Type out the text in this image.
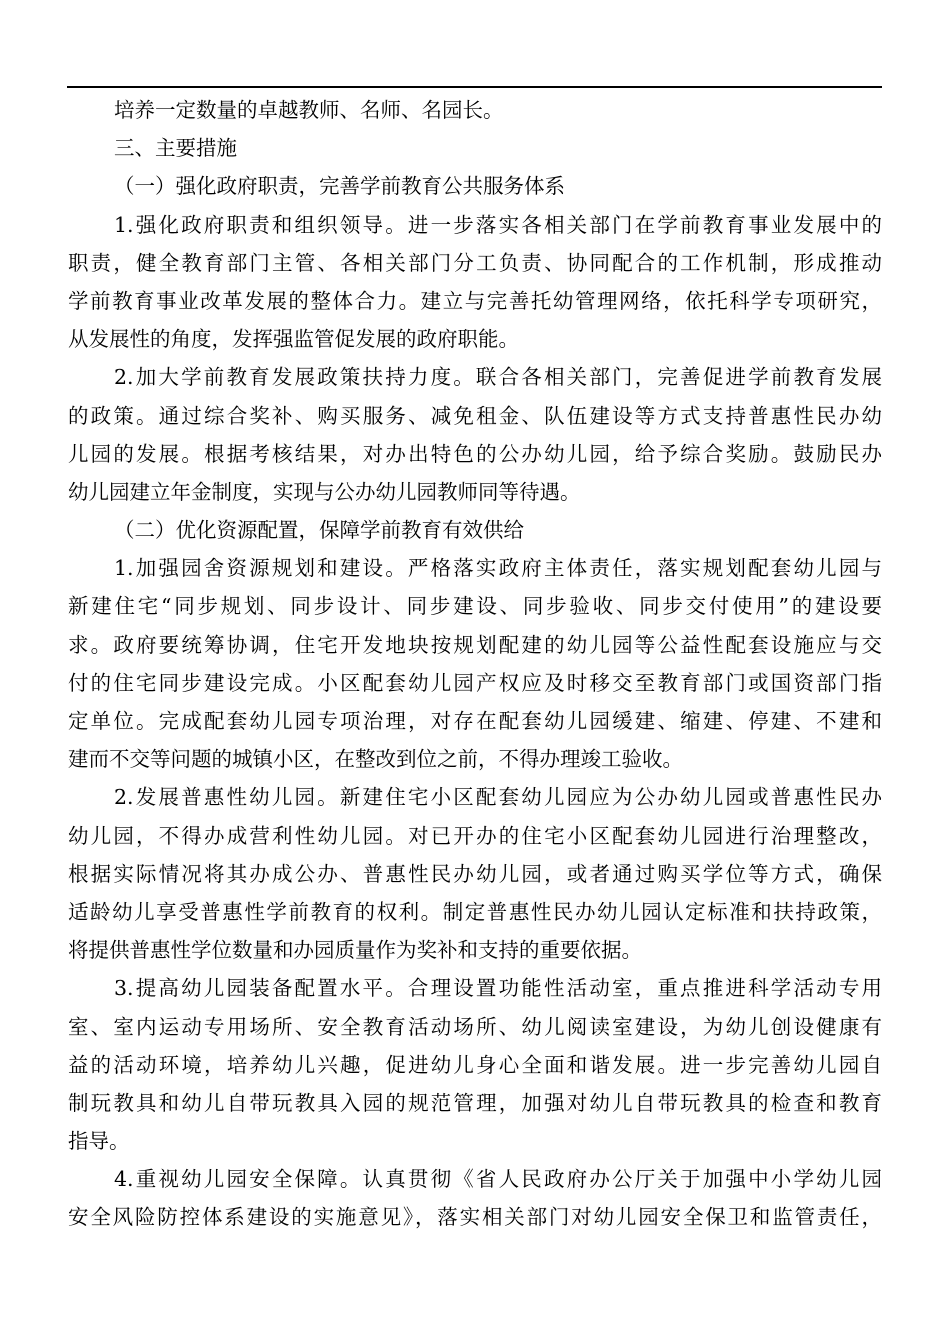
培养一定数量的卓越教师、名师、名园长。
三、主要措施
（一）强化政府职责，完善学前教育公共服务体系
1.强化政府职责和组织领导。进一步落实各相关部门在学前教育事业发展中的
职责，健全教育部门主管、各相关部门分工负责、协同配合的工作机制，形成推动
学前教育事业改革发展的整体合力。建立与完善托幼管理网络，依托科学专项研究，
从发展性的角度，发挥强监管促发展的政府职能。
2.加大学前教育发展政策扶持力度。联合各相关部门，完善促进学前教育发展
的政策。通过综合奖补、购买服务、减免租金、队伍建设等方式支持普惠性民办幼
儿园的发展。根据考核结果，对办出特色的公办幼儿园，给予综合奖励。鼓励民办
幼儿园建立年金制度，实现与公办幼儿园教师同等待遇。
（二）优化资源配置，保障学前教育有效供给
1.加强园舍资源规划和建设。严格落实政府主体责任，落实规划配套幼儿园与
新建住宅“同步规划、同步设计、同步建设、同步验收、同步交付使用”的建设要
求。政府要统筹协调，住宅开发地块按规划配建的幼儿园等公益性配套设施应与交
付的住宅同步建设完成。小区配套幼儿园产权应及时移交至教育部门或国资部门指
定单位。完成配套幼儿园专项治理，对存在配套幼儿园缓建、缩建、停建、不建和
建而不交等问题的城镇小区，在整改到位之前，不得办理竣工验收。
2.发展普惠性幼儿园。新建住宅小区配套幼儿园应为公办幼儿园或普惠性民办
幼儿园，不得办成营利性幼儿园。对已开办的住宅小区配套幼儿园进行治理整改，
根据实际情况将其办成公办、普惠性民办幼儿园，或者通过购买学位等方式，确保
适龄幼儿享受普惠性学前教育的权利。制定普惠性民办幼儿园认定标准和扶持政策，
将提供普惠性学位数量和办园质量作为奖补和支持的重要依据。
3.提高幼儿园装备配置水平。合理设置功能性活动室，重点推进科学活动专用
室、室内运动专用场所、安全教育活动场所、幼儿阅读室建设，为幼儿创设健康有
益的活动环境，培养幼儿兴趣，促进幼儿身心全面和谐发展。进一步完善幼儿园自
制玩教具和幼儿自带玩教具入园的规范管理，加强对幼儿自带玩教具的检查和教育
指导。
4.重视幼儿园安全保障。认真贯彻《省人民政府办公厅关于加强中小学幼儿园
安全风险防控体系建设的实施意见》，落实相关部门对幼儿园安全保卫和监管责任，
